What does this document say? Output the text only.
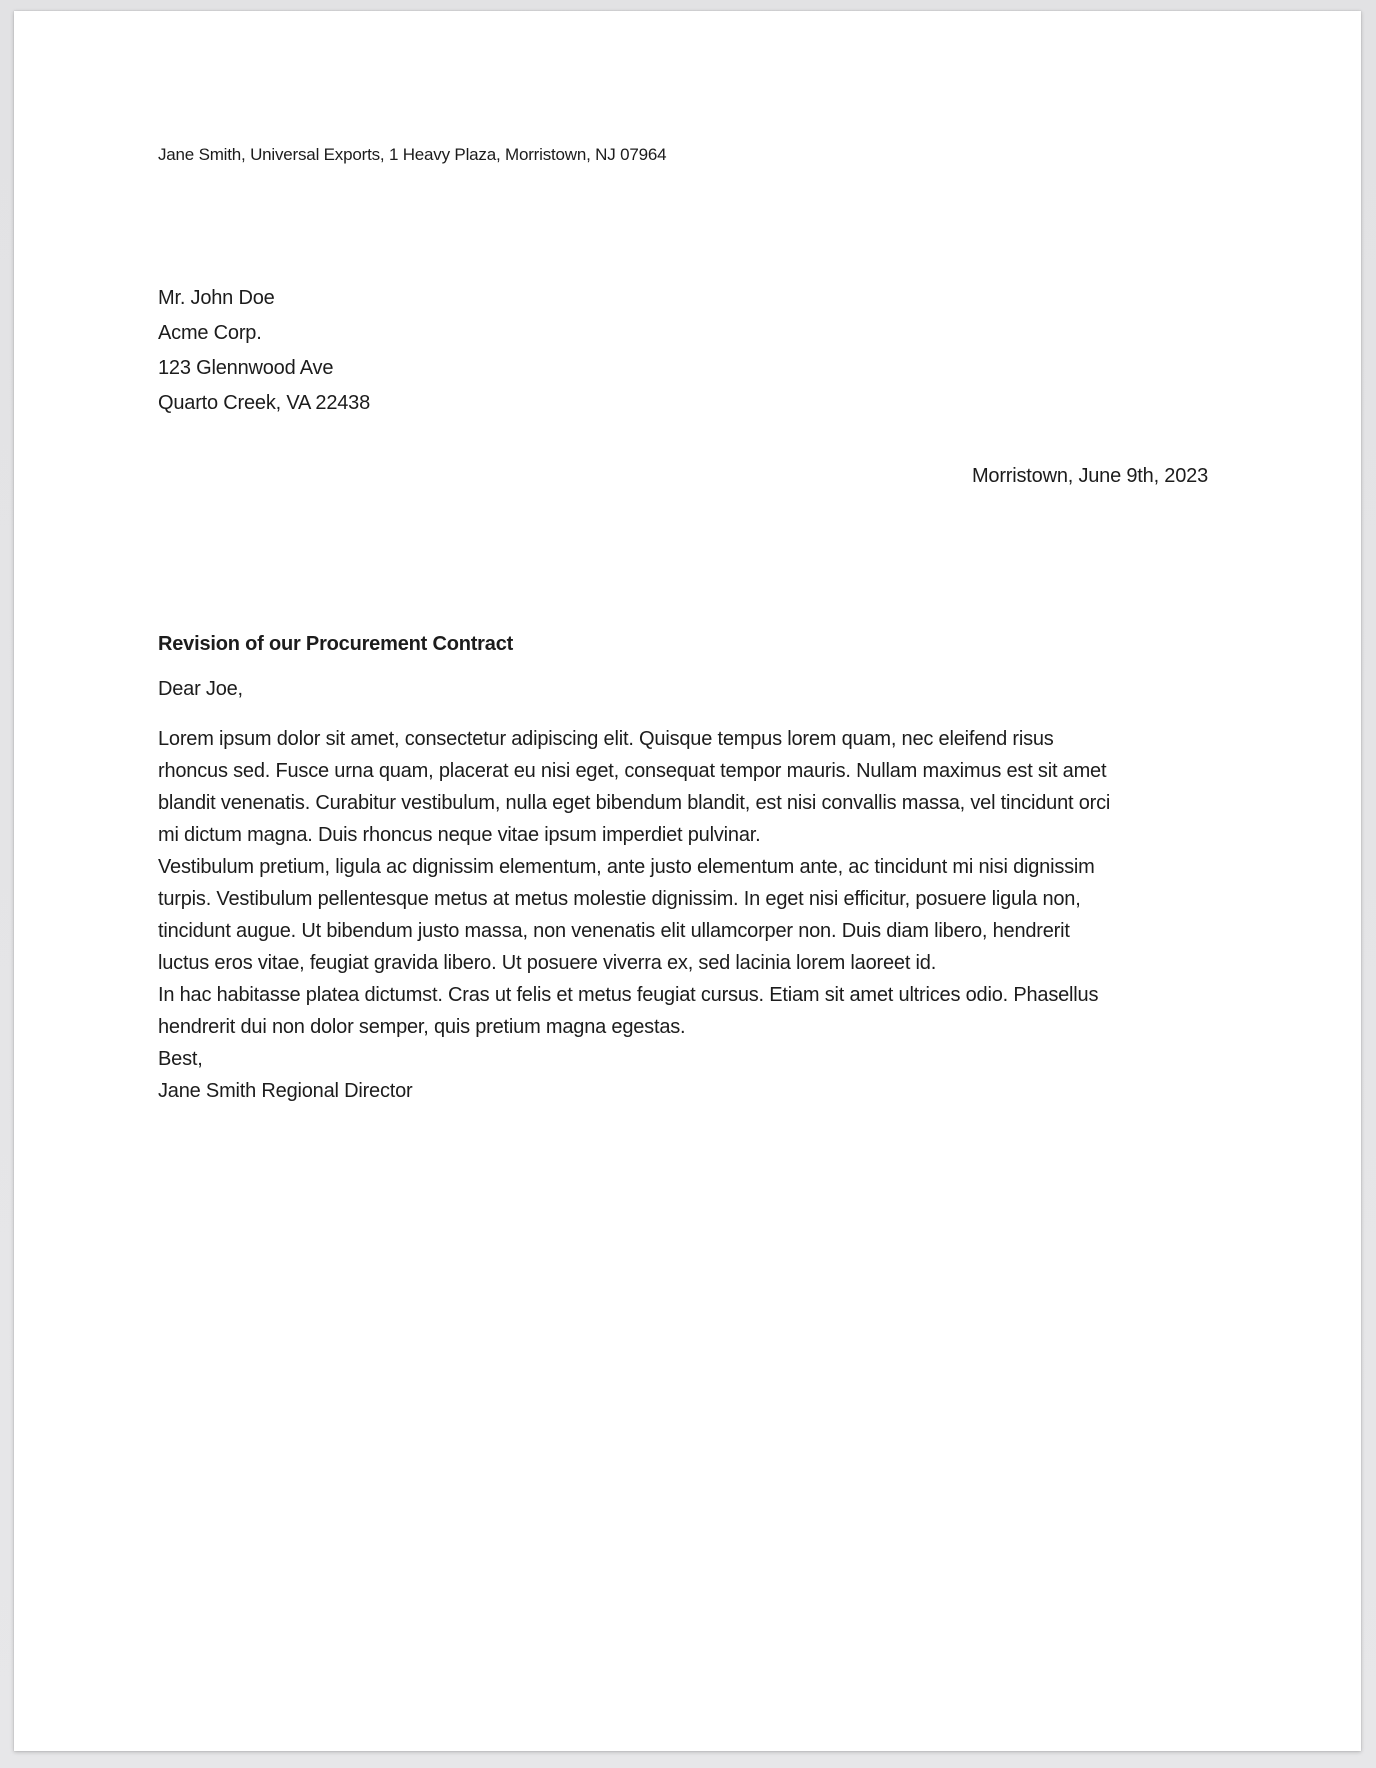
Jane Smith, Universal Exports, 1 Heavy Plaza, Morristown, NJ 07964
Mr. John Doe
Acme Corp.
123 Glennwood Ave
Quarto Creek, VA 22438
Morristown, June 9th, 2023
Revision of our Procurement Contract
Dear Joe,

Lorem ipsum dolor sit amet, consectetur adipiscing elit. Quisque tempus lorem quam, nec eleifend risus rhoncus sed. Fusce urna quam, placerat eu nisi eget, consequat tempor mauris. Nullam maximus est sit amet blandit venenatis. Curabitur vestibulum, nulla eget bibendum blandit, est nisi convallis massa, vel tincidunt orci mi dictum magna. Duis rhoncus neque vitae ipsum imperdiet pulvinar.

Vestibulum pretium, ligula ac dignissim elementum, ante justo elementum ante, ac tincidunt mi nisi dignissim turpis. Vestibulum pellentesque metus at metus molestie dignissim. In eget nisi efficitur, posuere ligula non, tincidunt augue. Ut bibendum justo massa, non venenatis elit ullamcorper non. Duis diam libero, hendrerit luctus eros vitae, feugiat gravida libero. Ut posuere viverra ex, sed lacinia lorem laoreet id.

In hac habitasse platea dictumst. Cras ut felis et metus feugiat cursus. Etiam sit amet ultrices odio. Phasellus hendrerit dui non dolor semper, quis pretium magna egestas.

Best,

Jane Smith Regional Director
